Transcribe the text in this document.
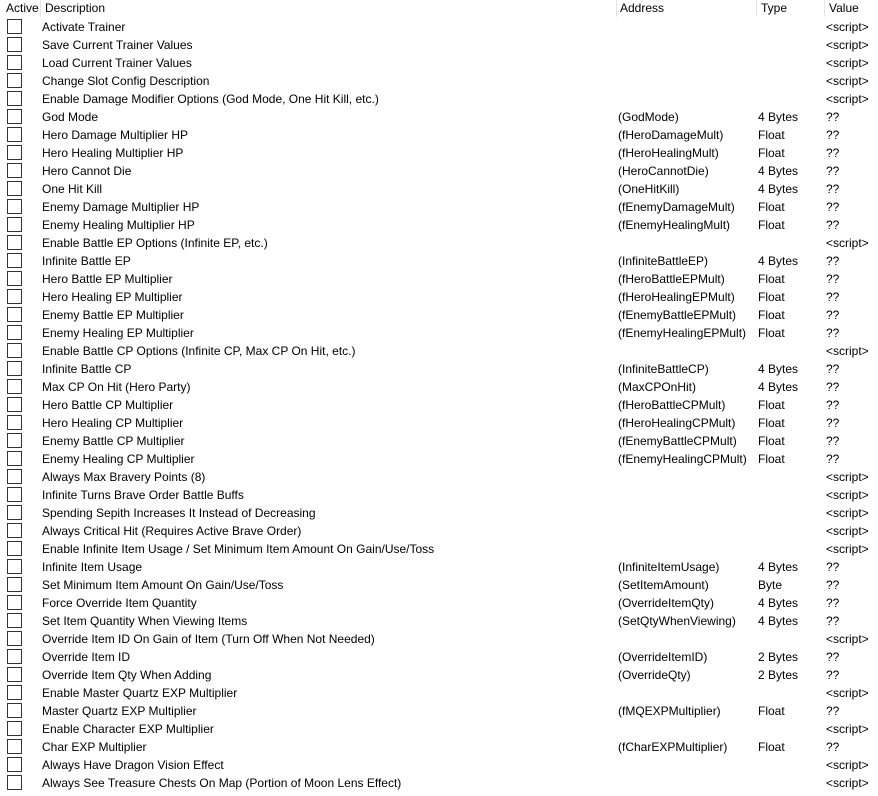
Active Description	Address	Type	Value
Activate Trainer	<script>
Save Current Trainer Values	<script>
Load Current Trainer Values	<script>
Change Slot Config Description	<script>
Enable Damage Modifier Options (God Mode, One Hit Kill, etc.)	<script>
God Mode	(GodMode)	4 Bytes	??
Hero Damage Multiplier HP	(fHeroDamageMult)	Float	??
Hero Healing Multiplier HP	(fHeroHealingMult)	Float	??
Hero Cannot Die	(HeroCannotDie)	4 Bytes	??
One Hit Kill	(OneHitKill)	4 Bytes	??
Enemy Damage Multiplier HP	(fEnemyDamageMult)	Float	??
Enemy Healing Multiplier HP	(fEnemyHealingMult)	Float	??
Enable Battle EP Options (Infinite EP, etc.)	<script>
Infinite Battle EP	(InfiniteBattleEP)	4 Bytes	??
Hero Battle EP Multiplier	(fHeroBattleEPMult)	Float	??
Hero Healing EP Multiplier	(fHeroHealingEPMult)	Float	??
Enemy Battle EP Multiplier	(fEnemyBattleEPMult)	Float	??
Enemy Healing EP Multiplier	(fEnemyHealingEPMult) Float	??
Enable Battle CP Options (Infinite CP, Max CP On Hit, etc.)	<script>
Infinite Battle CP	(InfiniteBattleCP)	4 Bytes	??
Max CP On Hit (Hero Party)	(MaxCPOnHit)	4 Bytes	??
Hero Battle CP Multiplier	(fHeroBattleCPMult)	Float	??
Hero Healing CP Multiplier	(fHeroHealingCPMult)	Float	??
Enemy Battle CP Multiplier	(fEnemyBattleCPMult)	Float	??
Enemy Healing CP Multiplier	(fEnemyHealingCPMult) Float	??
Always Max Bravery Points (8)	<script>
Infinite Turns Brave Order Battle Buffs	<script>
Spending Sepith Increases It Instead of Decreasing	<script>
Always Critical Hit (Requires Active Brave Order)	<script>
Enable Infinite Item Usage / Set Minimum Item Amount On Gain/Use/Toss	<script>
Infinite Item Usage	(InfiniteItemUsage)	4 Bytes	??
Set Minimum Item Amount On Gain/Use/Toss	(SetItemAmount)	Byte	??
Force Override Item Quantity	(OverrideItemQty)	4 Bytes	??
Set Item Quantity When Viewing Items	(SetQtyWhenViewing)	4 Bytes	??
Override Item ID On Gain of Item (Turn Off When Not Needed)	<script>
Override Item ID	(OverrideItemID)	2 Bytes	??
Override Item Qty When Adding	(OverrideQty)	2 Bytes	??
Enable Master Quartz EXP Multiplier	<script>
Master Quartz EXP Multiplier	(fMQEXPMultiplier)	Float	??
Enable Character EXP Multiplier	<script>
Char EXP Multiplier	(fCharEXPMultiplier)	Float	??
Always Have Dragon Vision Effect	<script>
Always See Treasure Chests On Map (Portion of Moon Lens Effect)	<script>
